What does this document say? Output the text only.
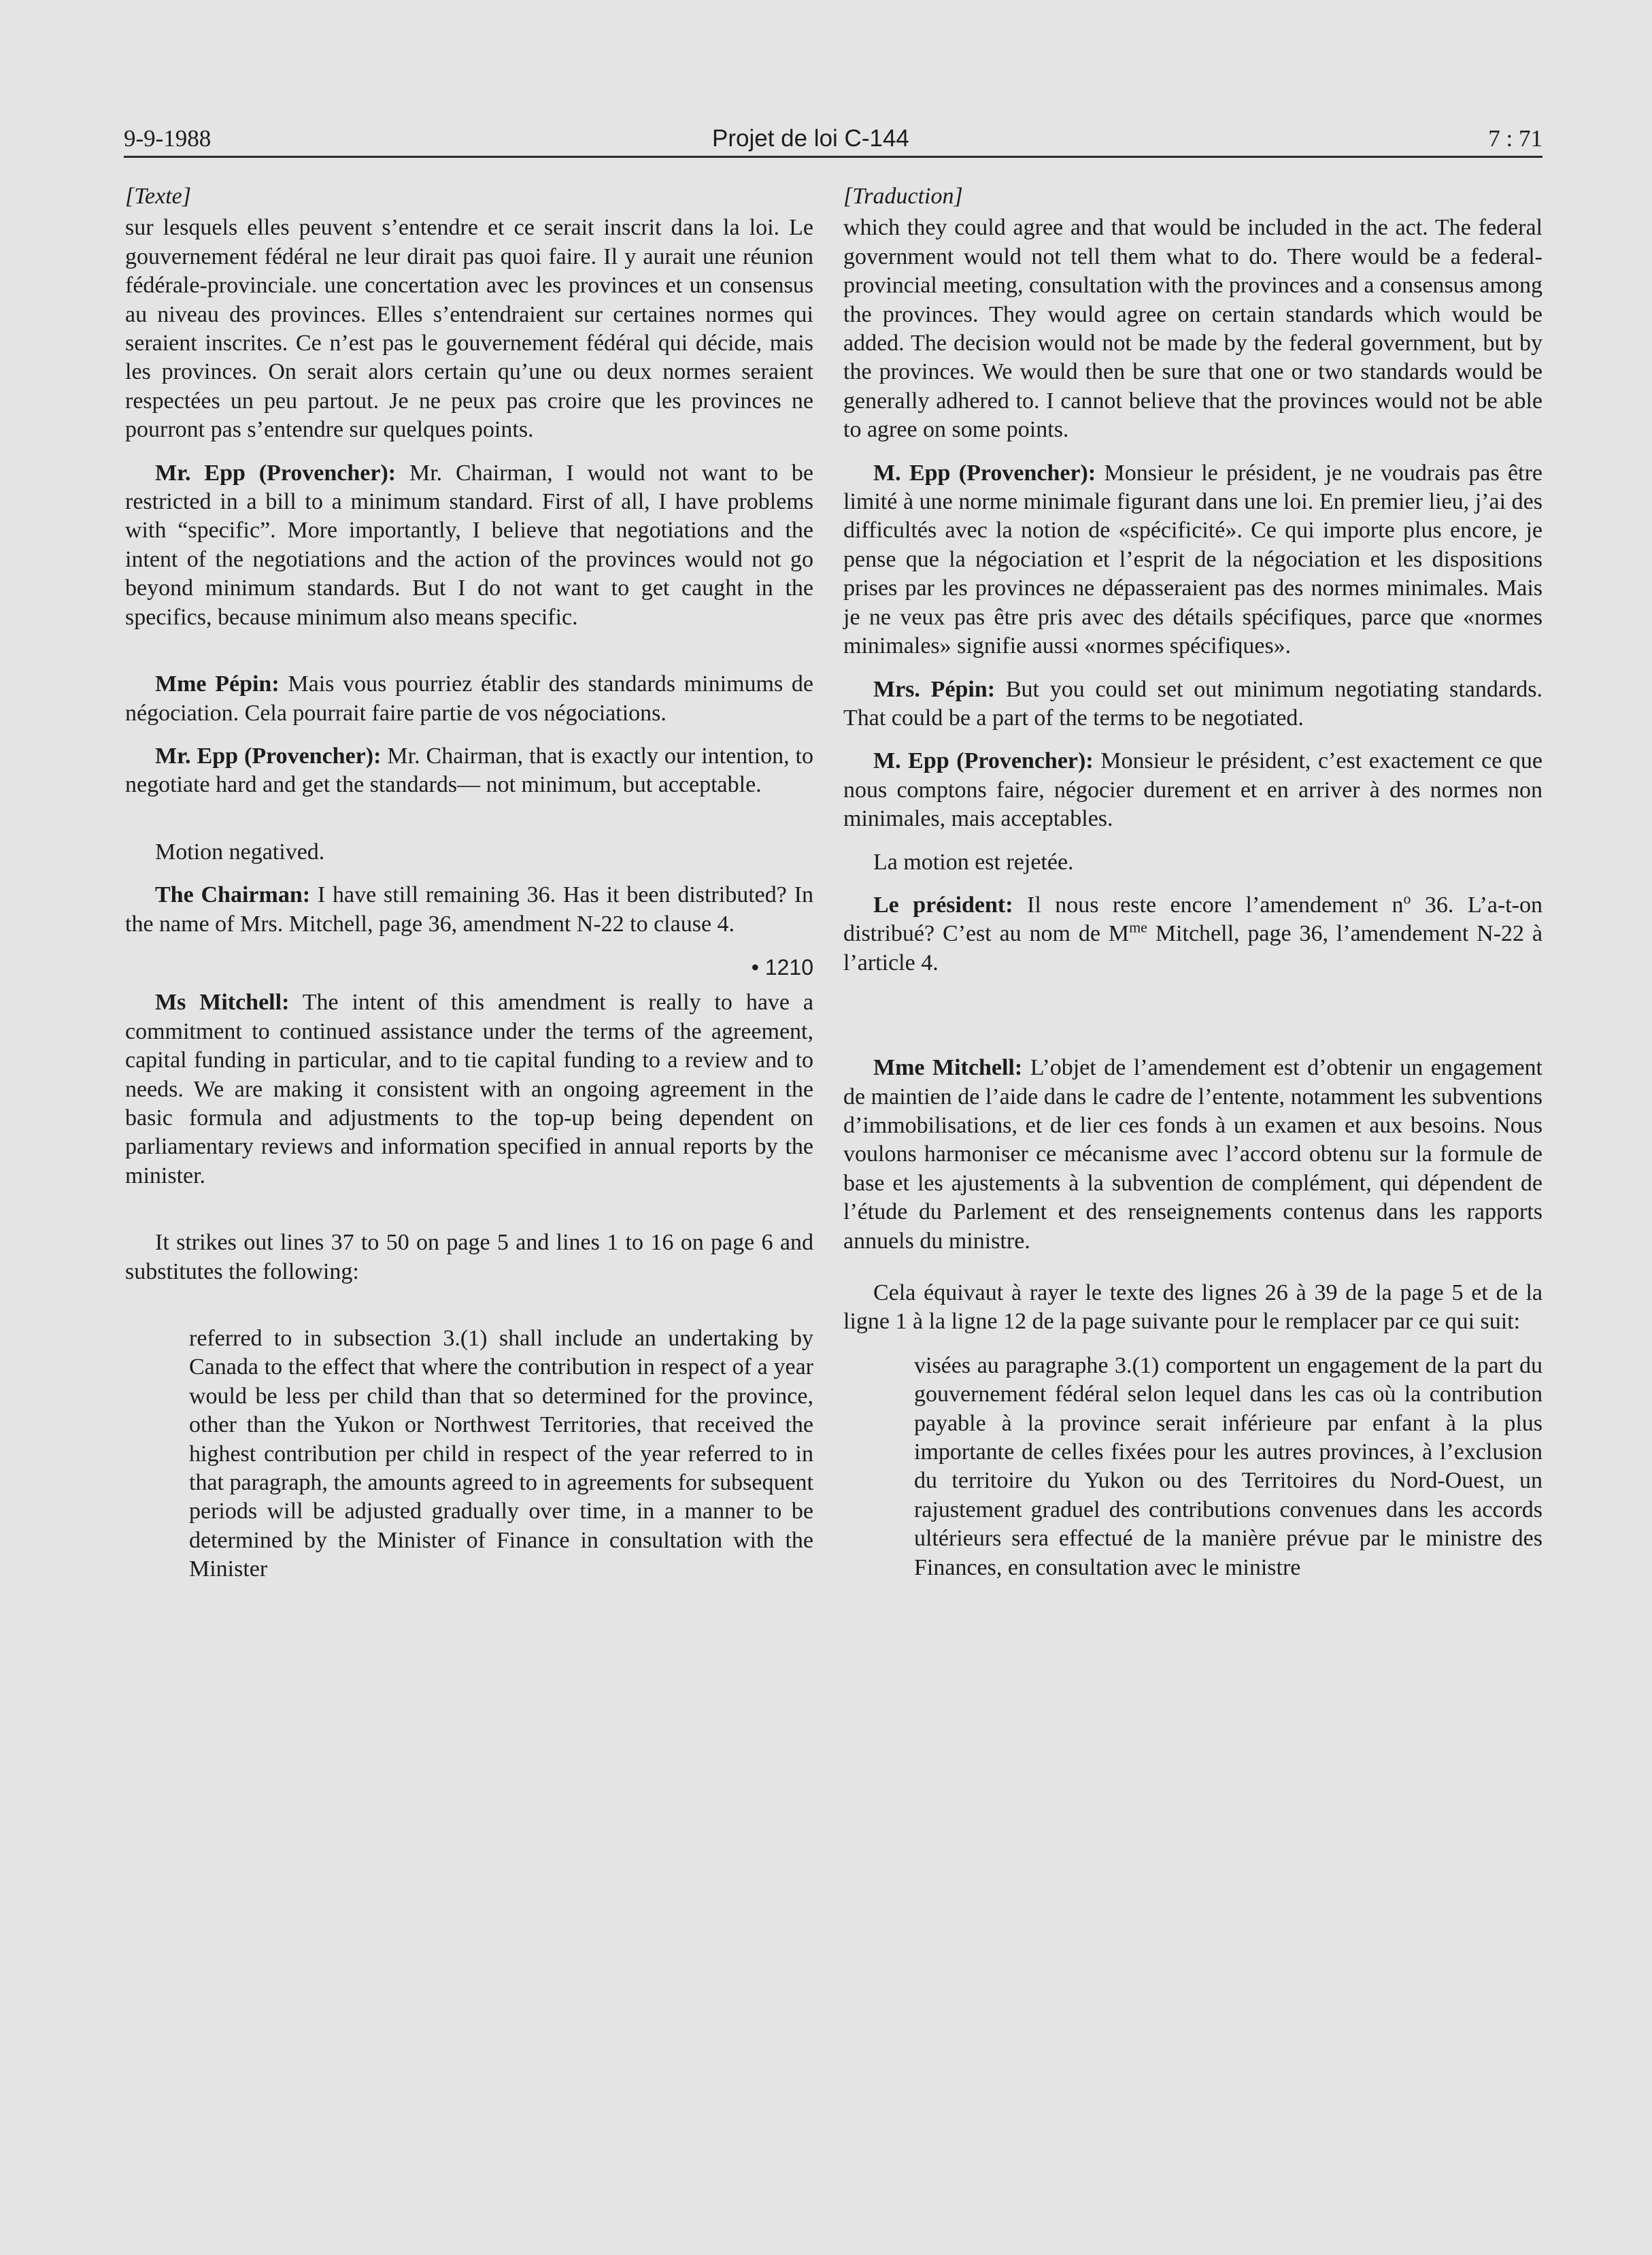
9-9-1988	Projet de loi C-144	7 : 71

[Texte]

sur lesquels elles peuvent s’entendre et ce serait inscrit dans la loi. Le gouvernement fédéral ne leur dirait pas quoi faire. Il y aurait une réunion fédérale-provinciale. une concertation avec les provinces et un consensus au niveau des provinces. Elles s’entendraient sur certaines normes qui seraient inscrites. Ce n’est pas le gouvernement fédéral qui décide, mais les provinces. On serait alors certain qu’une ou deux normes seraient respectées un peu partout. Je ne peux pas croire que les provinces ne pourront pas s’entendre sur quelques points.

Mr. Epp (Provencher): Mr. Chairman, I would not want to be restricted in a bill to a minimum standard. First of all, I have problems with “specific”. More importantly, I believe that negotiations and the intent of the negotiations and the action of the provinces would not go beyond minimum standards. But I do not want to get caught in the specifics, because minimum also means specific.

Mme Pépin: Mais vous pourriez établir des standards minimums de négociation. Cela pourrait faire partie de vos négociations.

Mr. Epp (Provencher): Mr. Chairman, that is exactly our intention, to negotiate hard and get the standards— not minimum, but acceptable.

Motion negatived.

The Chairman: I have still remaining 36. Has it been distributed? In the name of Mrs. Mitchell, page 36, amendment N-22 to clause 4.

• 1210

Ms Mitchell: The intent of this amendment is really to have a commitment to continued assistance under the terms of the agreement, capital funding in particular, and to tie capital funding to a review and to needs. We are making it consistent with an ongoing agreement in the basic formula and adjustments to the top-up being dependent on parliamentary reviews and information specified in annual reports by the minister.

It strikes out lines 37 to 50 on page 5 and lines 1 to 16 on page 6 and substitutes the following:

referred to in subsection 3.(1) shall include an undertaking by Canada to the effect that where the contribution in respect of a year would be less per child than that so determined for the province, other than the Yukon or Northwest Territories, that received the highest contribution per child in respect of the year referred to in that paragraph, the amounts agreed to in agreements for subsequent periods will be adjusted gradually over time, in a manner to be determined by the Minister of Finance in consultation with the Minister

[Traduction]

which they could agree and that would be included in the act. The federal government would not tell them what to do. There would be a federal-provincial meeting, consultation with the provinces and a consensus among the provinces. They would agree on certain standards which would be added. The decision would not be made by the federal government, but by the provinces. We would then be sure that one or two standards would be generally adhered to. I cannot believe that the provinces would not be able to agree on some points.

M. Epp (Provencher): Monsieur le président, je ne voudrais pas être limité à une norme minimale figurant dans une loi. En premier lieu, j’ai des difficultés avec la notion de «spécificité». Ce qui importe plus encore, je pense que la négociation et l’esprit de la négociation et les dispositions prises par les provinces ne dépasseraient pas des normes minimales. Mais je ne veux pas être pris avec des détails spécifiques, parce que «normes minimales» signifie aussi «normes spécifiques».

Mrs. Pépin: But you could set out minimum negotiating standards. That could be a part of the terms to be negotiated.

M. Epp (Provencher): Monsieur le président, c’est exactement ce que nous comptons faire, négocier durement et en arriver à des normes non minimales, mais acceptables.

La motion est rejetée.

Le président: Il nous reste encore l’amendement $n^o$ 36. L’a-t-on distribué? C’est au nom de $M^{me}$ Mitchell, page 36, l’amendement N-22 à l’article 4.

Mme Mitchell: L’objet de l’amendement est d’obtenir un engagement de maintien de l’aide dans le cadre de l’entente, notamment les subventions d’immobilisations, et de lier ces fonds à un examen et aux besoins. Nous voulons harmoniser ce mécanisme avec l’accord obtenu sur la formule de base et les ajustements à la subvention de complément, qui dépendent de l’étude du Parlement et des renseignements contenus dans les rapports annuels du ministre.

Cela équivaut à rayer le texte des lignes 26 à 39 de la page 5 et de la ligne 1 à la ligne 12 de la page suivante pour le remplacer par ce qui suit:

visées au paragraphe 3.(1) comportent un engagement de la part du gouvernement fédéral selon lequel dans les cas où la contribution payable à la province serait inférieure par enfant à la plus importante de celles fixées pour les autres provinces, à l’exclusion du territoire du Yukon ou des Territoires du Nord-Ouest, un rajustement graduel des contributions convenues dans les accords ultérieurs sera effectué de la manière prévue par le ministre des Finances, en consultation avec le ministre
